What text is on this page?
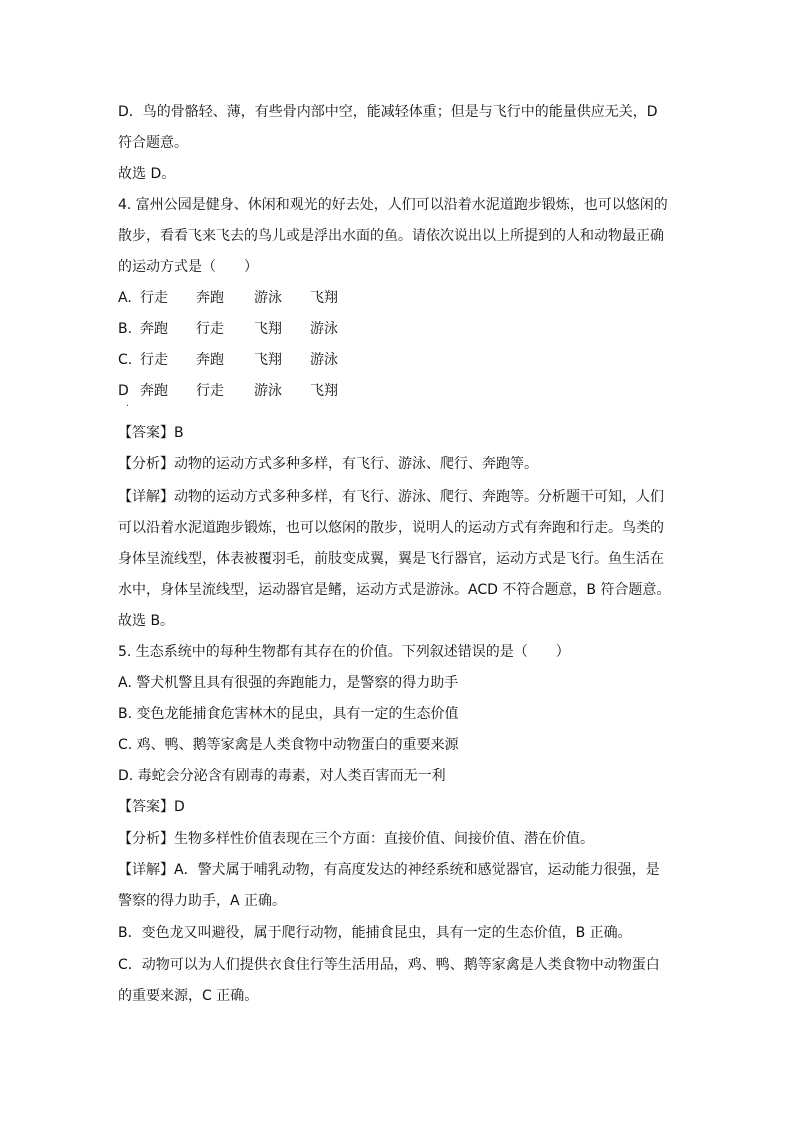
D．鸟的骨骼轻、薄，有些骨内部中空，能减轻体重；但是与飞行中的能量供应无关，D
符合题意。
故选 D。
4. 富州公园是健身、休闲和观光的好去处，人们可以沿着水泥道跑步锻炼，也可以悠闲的
散步，看看飞来飞去的鸟儿或是浮出水面的鱼。请依次说出以上所提到的人和动物最正确
的运动方式是（　　）
A. 行走 奔跑 游泳 飞翔
B. 奔跑 行走 飞翔 游泳
C. 行走 奔跑 飞翔 游泳
D 奔跑 行走 游泳 飞翔
·
【答案】B
【分析】动物的运动方式多种多样，有飞行、游泳、爬行、奔跑等。
【详解】动物的运动方式多种多样，有飞行、游泳、爬行、奔跑等。分析题干可知，人们
可以沿着水泥道跑步锻炼，也可以悠闲的散步，说明人的运动方式有奔跑和行走。鸟类的
身体呈流线型，体表被覆羽毛，前肢变成翼，翼是飞行器官，运动方式是飞行。鱼生活在
水中，身体呈流线型，运动器官是鳍，运动方式是游泳。ACD 不符合题意，B 符合题意。
故选 B。
5. 生态系统中的每种生物都有其存在的价值。下列叙述错误的是（　　）
A. 警犬机警且具有很强的奔跑能力，是警察的得力助手
B. 变色龙能捕食危害林木的昆虫，具有一定的生态价值
C. 鸡、鸭、鹅等家禽是人类食物中动物蛋白的重要来源
D. 毒蛇会分泌含有剧毒的毒素，对人类百害而无一利
【答案】D
【分析】生物多样性价值表现在三个方面：直接价值、间接价值、潜在价值。
【详解】A．警犬属于哺乳动物，有高度发达的神经系统和感觉器官，运动能力很强，是
警察的得力助手，A 正确。
B．变色龙又叫避役，属于爬行动物，能捕食昆虫，具有一定的生态价值，B 正确。
C．动物可以为人们提供衣食住行等生活用品，鸡、鸭、鹅等家禽是人类食物中动物蛋白
的重要来源，C 正确。
